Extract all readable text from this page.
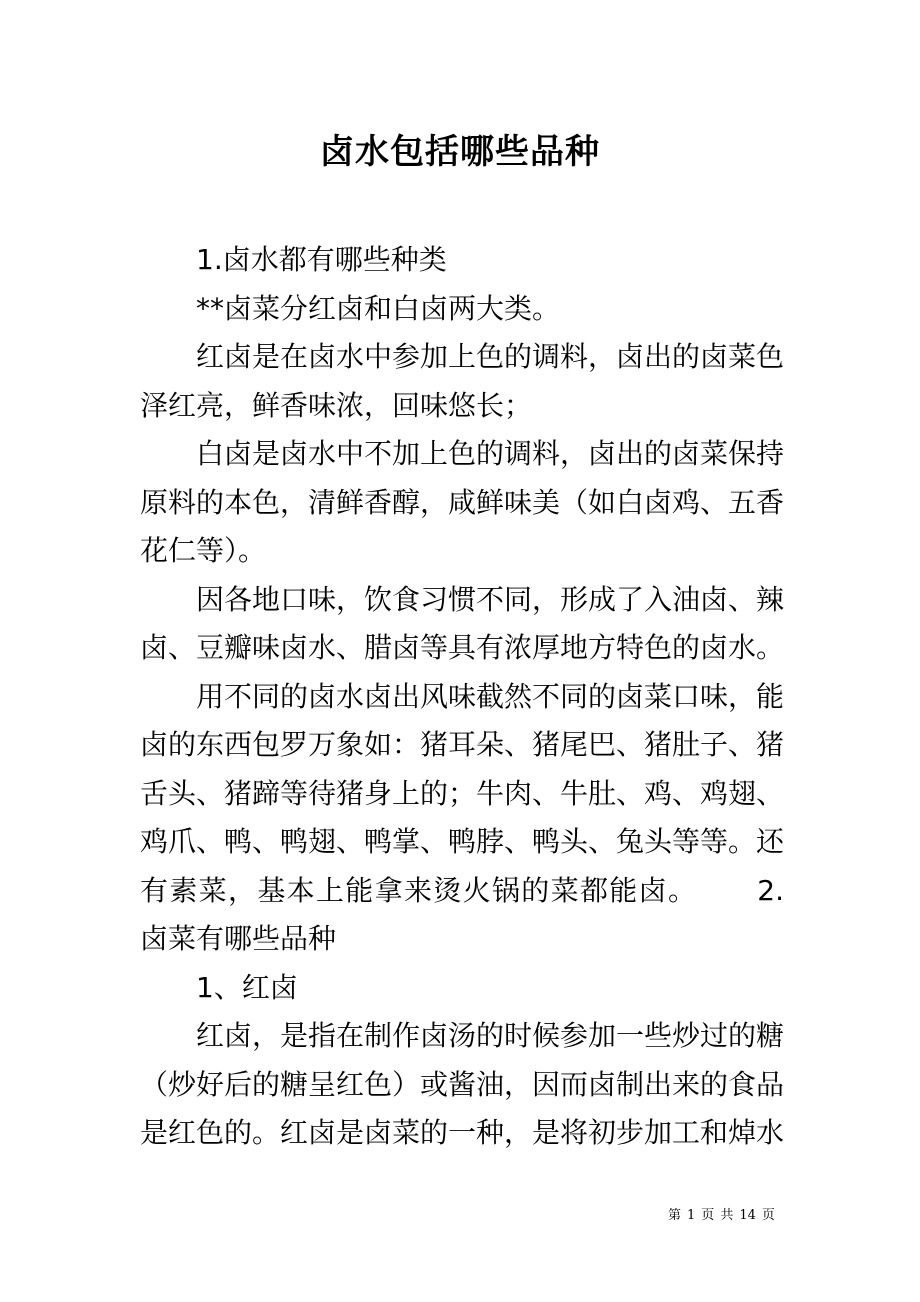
卤水包括哪些品种

1.卤水都有哪些种类

**卤菜分红卤和白卤两大类。

红卤是在卤水中参加上色的调料，卤出的卤菜色泽红亮，鲜香味浓，回味悠长；

白卤是卤水中不加上色的调料，卤出的卤菜保持原料的本色，清鲜香醇，咸鲜味美（如白卤鸡、五香花仁等）。

因各地口味，饮食习惯不同，形成了入油卤、辣卤、豆瓣味卤水、腊卤等具有浓厚地方特色的卤水。

用不同的卤水卤出风味截然不同的卤菜口味，能卤的东西包罗万象如：猪耳朵、猪尾巴、猪肚子、猪舌头、猪蹄等待猪身上的；牛肉、牛肚、鸡、鸡翅、鸡爪、鸭、鸭翅、鸭掌、鸭脖、鸭头、兔头等等。还有素菜，基本上能拿来烫火锅的菜都能卤。 2.卤菜有哪些品种

1、红卤

红卤，是指在制作卤汤的时候参加一些炒过的糖（炒好后的糖呈红色）或酱油，因而卤制出来的食品是红色的。红卤是卤菜的一种，是将初步加工和焯水

第 1 页 共 14 页
